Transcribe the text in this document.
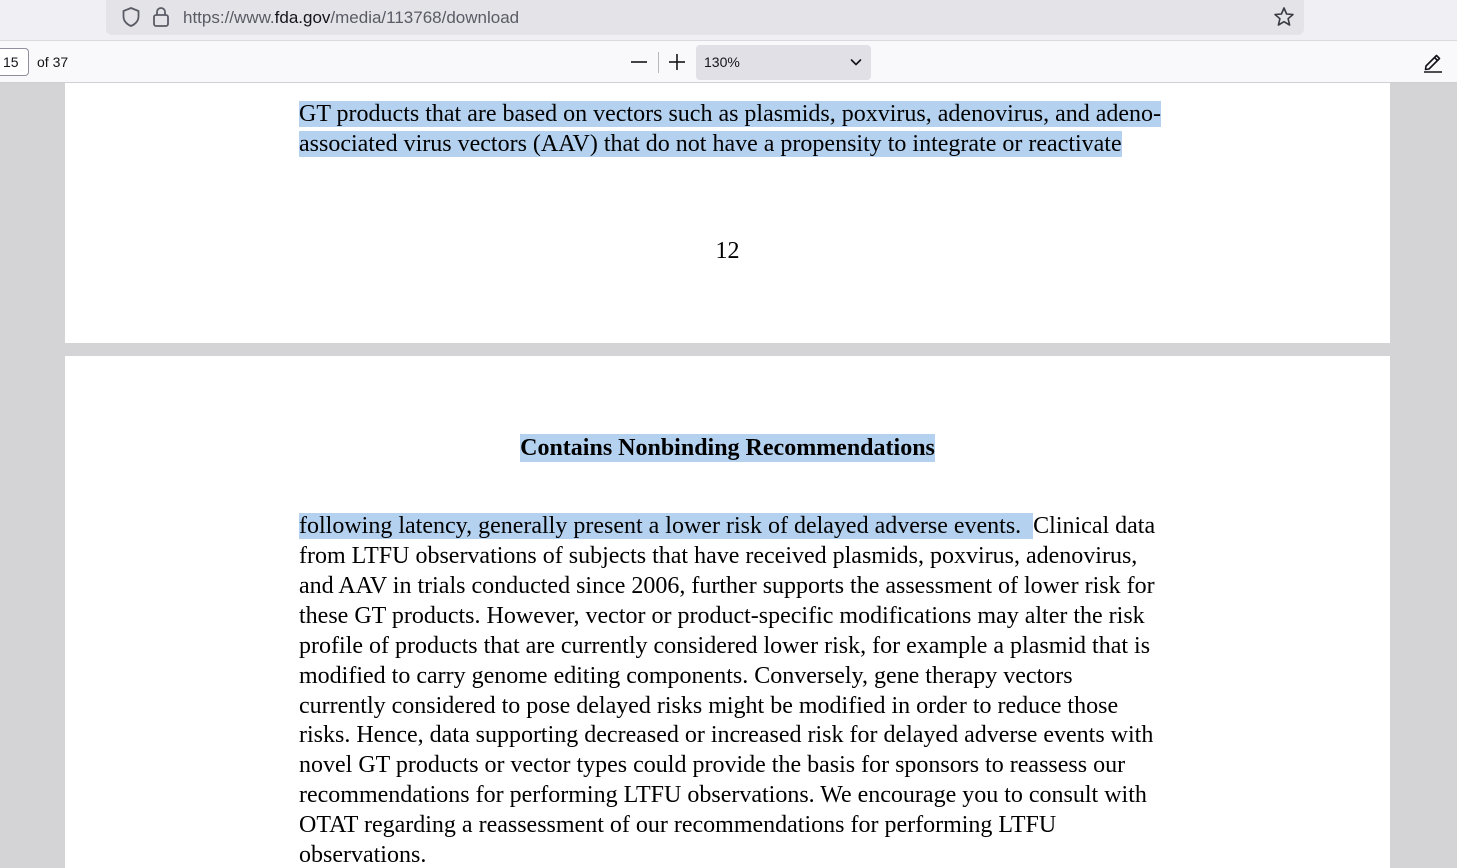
https://www.fda.gov/media/113768/download
15	of 37	130%
GT products that are based on vectors such as plasmids, poxvirus, adenovirus, and adeno-
associated virus vectors (AAV) that do not have a propensity to integrate or reactivate
12
Contains Nonbinding Recommendations
following latency, generally present a lower risk of delayed adverse events.  Clinical data
from LTFU observations of subjects that have received plasmids, poxvirus, adenovirus,
and AAV in trials conducted since 2006, further supports the assessment of lower risk for
these GT products. However, vector or product-specific modifications may alter the risk
profile of products that are currently considered lower risk, for example a plasmid that is
modified to carry genome editing components. Conversely, gene therapy vectors
currently considered to pose delayed risks might be modified in order to reduce those
risks. Hence, data supporting decreased or increased risk for delayed adverse events with
novel GT products or vector types could provide the basis for sponsors to reassess our
recommendations for performing LTFU observations. We encourage you to consult with
OTAT regarding a reassessment of our recommendations for performing LTFU
observations.
